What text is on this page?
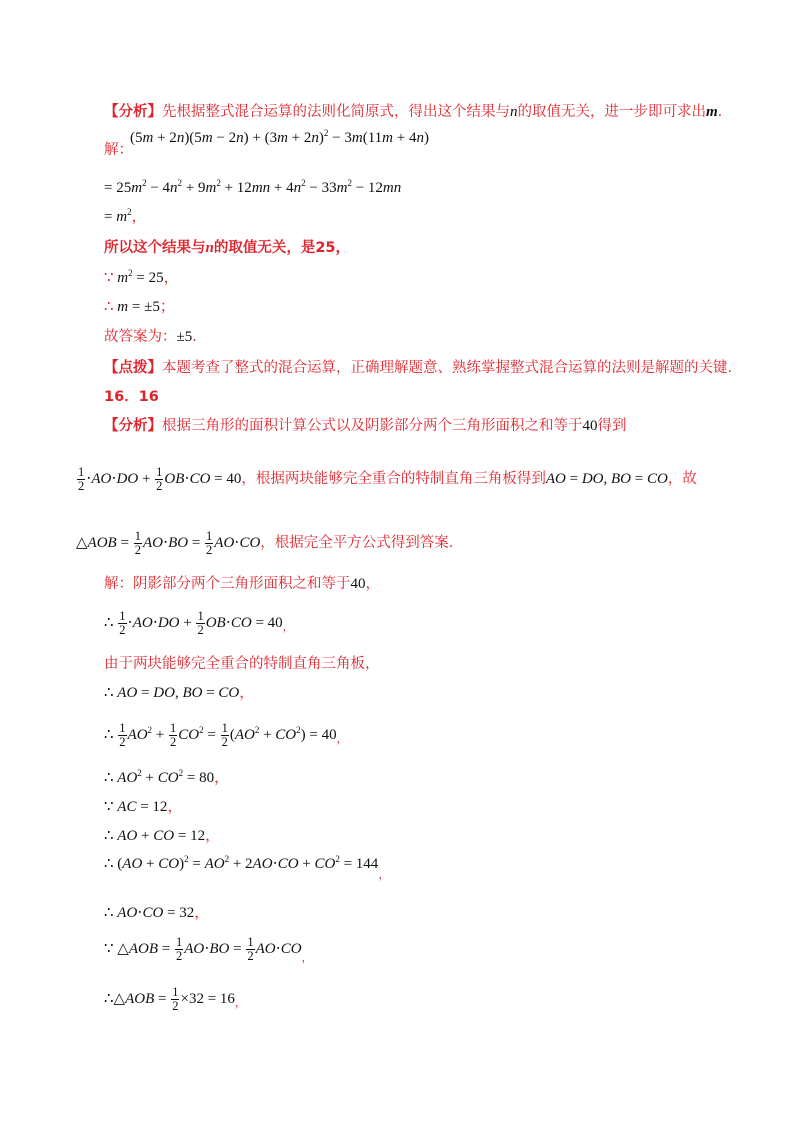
【分析】先根据整式混合运算的法则化简原式，得出这个结果与n的取值无关，进一步即可求出m.
$(5m + 2n)(5m - 2n) + (3m + 2n)^2 - 3m(11m + 4n)$
解：
= $25m^2 - 4n^2 + 9m^2 + 12mn + 4n^2 - 33m^2 - 12mn$
= $m^2$，
所以这个结果与n的取值无关，是25，
∵ $m^2 = 25$，
∴ m = ±5；
故答案为：±5.
【点拨】本题考查了整式的混合运算，正确理解题意、熟练掌握整式混合运算的法则是解题的关键.
16．16
【分析】根据三角形的面积计算公式以及阴影部分两个三角形面积之和等于40得到
$\frac{1}{2} \cdot AO\cdot DO + \frac{1}{2} OB\cdot CO = 40$，根据两块能够完全重合的特制直角三角板得到AO = DO, BO = CO，故
△AOB = $\frac{1}{2} AO\cdot BO = \frac{1}{2} AO\cdot CO$，根据完全平方公式得到答案.
解：阴影部分两个三角形面积之和等于40，
∴ $\frac{1}{2} \cdot AO\cdot DO + \frac{1}{2} OB\cdot CO = 40_,$
由于两块能够完全重合的特制直角三角板，
∴ AO = DO, BO = CO，
∴ $\frac{1}{2} AO^2 + \frac{1}{2} CO^2 = \frac{1}{2} (AO^2 + CO^2) = 40_,$
∴ $AO^2 + CO^2 = 80$，
∵ AC = 12，
∴ AO + CO = 12，
∴ $(AO + CO)^2 = AO^2 + 2AO\cdot CO + CO^2 = 144_,$
∴ AO⋅CO = 32，
∵ △AOB = $\frac{1}{2} AO\cdot BO = \frac{1}{2} AO\cdot CO_,$
∴△AOB = $\frac{1}{2} \times 32 = 16_,$
